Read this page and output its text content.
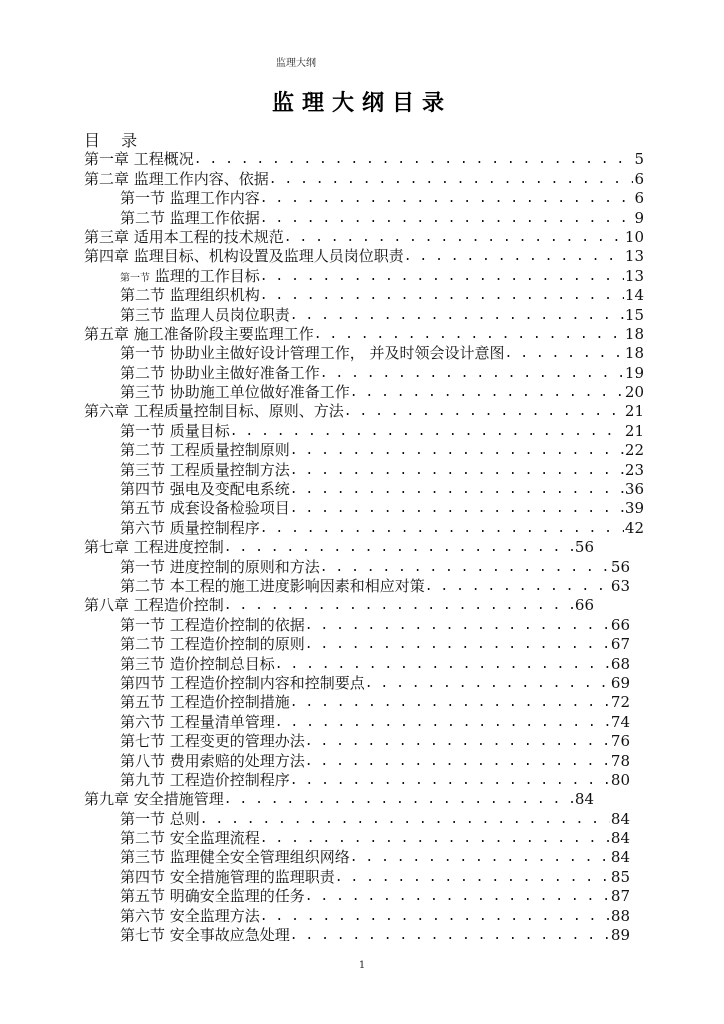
监理大纲
监理大纲目录
目 录
第一章 工程概况 . . .	5
第二章 监理工作内容、依据 . . .	6
第一节 监理工作内容 . . .	6
第二节 监理工作依据 . . .	9
第三章 适用本工程的技术规范 . . .	10
第四章 监理目标、机构设置及监理人员岗位职责 . . .	13
第一节 监理的工作目标 . . .	13
第二节 监理组织机构 . . .	14
第三节 监理人员岗位职责 . . .	15
第五章 施工准备阶段主要监理工作 . . .	18
第一节 协助业主做好设计管理工作， 并及时领会设计意图 . . .	18
第二节 协助业主做好准备工作 . . .	19
第三节 协助施工单位做好准备工作 . . .	20
第六章 工程质量控制目标、原则、方法 . . .	21
第一节 质量目标 . . .	21
第二节 工程质量控制原则 . . .	22
第三节 工程质量控制方法 . . .	23
第四节 强电及变配电系统 . . .	36
第五节 成套设备检验项目 . . .	39
第六节 质量控制程序 . . .	42
第七章 工程进度控制 . . .	56
第一节 进度控制的原则和方法 . . .	56
第二节 本工程的施工进度影响因素和相应对策 . . .	63
第八章 工程造价控制 . . .	66
第一节 工程造价控制的依据 . . .	66
第二节 工程造价控制的原则 . . .	67
第三节 造价控制总目标 . . .	68
第四节 工程造价控制内容和控制要点 . . .	69
第五节 工程造价控制措施 . . .	72
第六节 工程量清单管理 . . .	74
第七节 工程变更的管理办法 . . .	76
第八节 费用索赔的处理方法 . . .	78
第九节 工程造价控制程序 . . .	80
第九章 安全措施管理 . . .	84
第一节 总则 . . .	84
第二节 安全监理流程 . . .	84
第三节 监理健全安全管理组织网络 . . .	84
第四节 安全措施管理的监理职责 . . .	85
第五节 明确安全监理的任务 . . .	87
第六节 安全监理方法 . . .	88
第七节 安全事故应急处理 . . .	89
1
